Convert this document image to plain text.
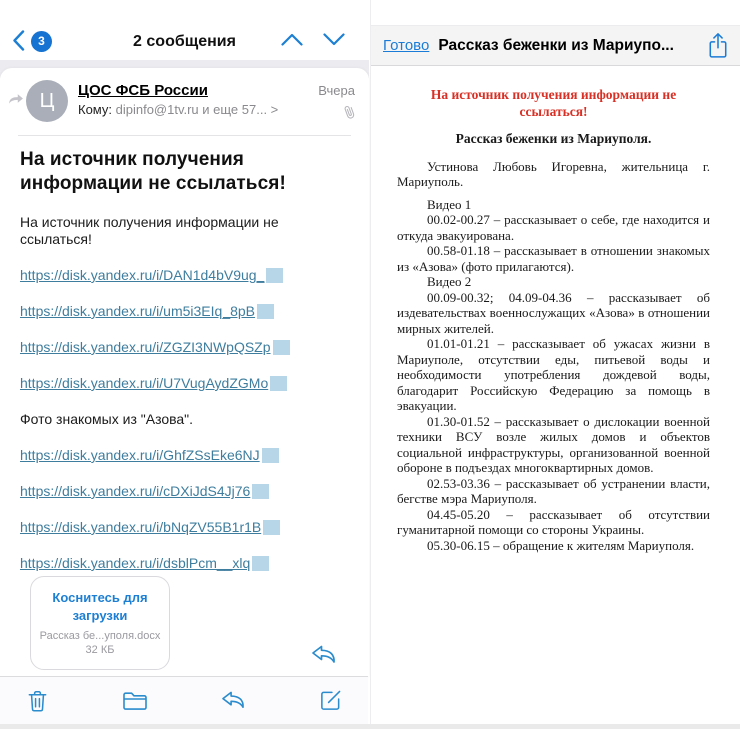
3	2 сообщения
Ц	ЦОС ФСБ России
Кому: dipinfo@1tv.ru и еще 57... >
Вчера
На источник получения информации не ссылаться!
На источник получения информации не ссылаться!
https://disk.yandex.ru/i/DAN1d4bV9ug_
https://disk.yandex.ru/i/um5i3EIq_8pB
https://disk.yandex.ru/i/ZGZI3NWpQSZp
https://disk.yandex.ru/i/U7VugAydZGMo
Фото знакомых из "Азова".
https://disk.yandex.ru/i/GhfZSsEke6NJ
https://disk.yandex.ru/i/cDXiJdS4Jj76
https://disk.yandex.ru/i/bNqZV55B1r1B
https://disk.yandex.ru/i/dsblPcm__xlq
Коснитесь для загрузки
Рассказ бе...уполя.docx
32 КБ
Готово Рассказ беженки из Мариупо...
На источник получения информации не ссылаться!
Рассказ беженки из Мариуполя.

Устинова Любовь Игоревна, жительница г. Мариуполь.

Видео 1

00.02-00.27 – рассказывает о себе, где находится и откуда эвакуирована.

00.58-01.18 – рассказывает в отношении знакомых из «Азова» (фото прилагаются).

Видео 2

00.09-00.32; 04.09-04.36 – рассказывает об издевательствах военнослужащих «Азова» в отношении мирных жителей.

01.01-01.21 – рассказывает об ужасах жизни в Мариуполе, отсутствии еды, питьевой воды и необходимости употребления дождевой воды, благодарит Российскую Федерацию за помощь в эвакуации.

01.30-01.52 – рассказывает о дислокации военной техники ВСУ возле жилых домов и объектов социальной инфраструктуры, организованной военной обороне в подъездах многоквартирных домов.

02.53-03.36 – рассказывает об устранении власти, бегстве мэра Мариуполя.

04.45-05.20 – рассказывает об отсутствии гуманитарной помощи со стороны Украины.

05.30-06.15 – обращение к жителям Мариуполя.
